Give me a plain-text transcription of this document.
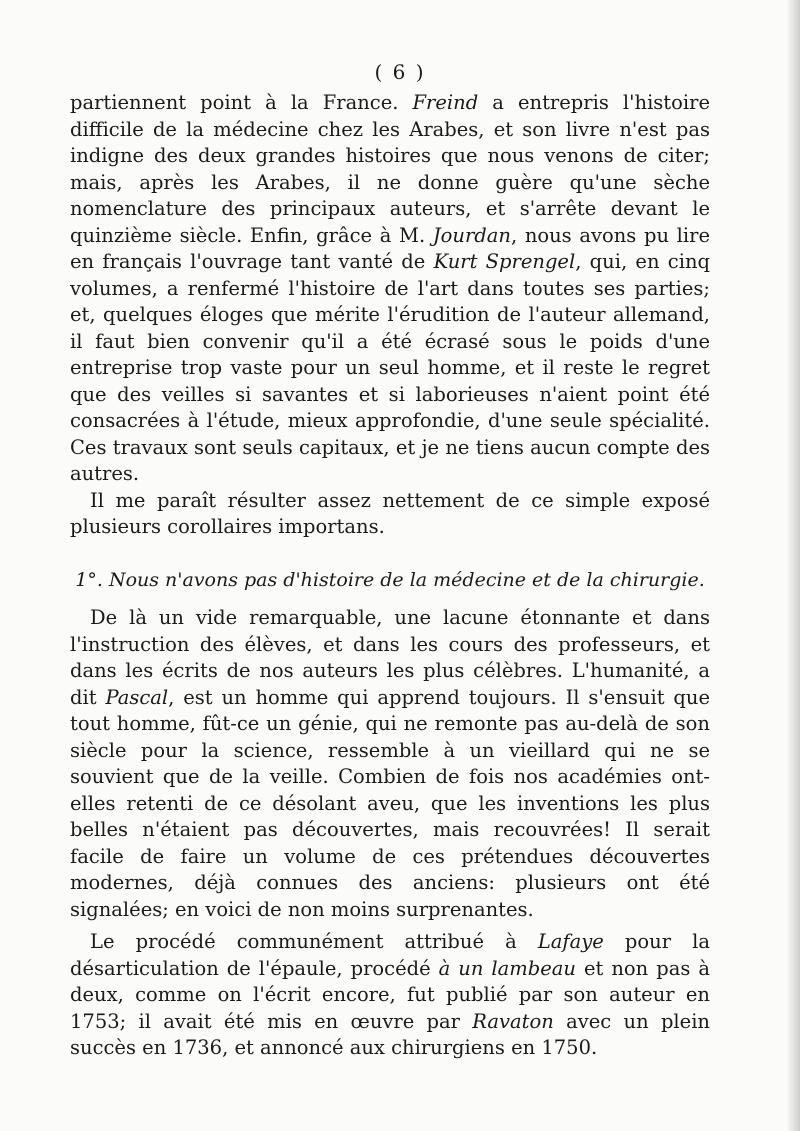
( 6 )

partiennent point à la France. Freind a entrepris l'histoire difficile de la médecine chez les Arabes, et son livre n'est pas indigne des deux grandes histoires que nous venons de citer; mais, après les Arabes, il ne donne guère qu'une sèche nomenclature des principaux auteurs, et s'arrête devant le quinzième siècle. Enfin, grâce à M. Jourdan, nous avons pu lire en français l'ouvrage tant vanté de Kurt Sprengel, qui, en cinq volumes, a renfermé l'histoire de l'art dans toutes ses parties; et, quelques éloges que mérite l'érudition de l'auteur allemand, il faut bien convenir qu'il a été écrasé sous le poids d'une entreprise trop vaste pour un seul homme, et il reste le regret que des veilles si savantes et si laborieuses n'aient point été consacrées à l'étude, mieux approfondie, d'une seule spécialité. Ces travaux sont seuls capitaux, et je ne tiens aucun compte des autres.

Il me paraît résulter assez nettement de ce simple exposé plusieurs corollaires importans.

1°. Nous n'avons pas d'histoire de la médecine et de la chirurgie.

De là un vide remarquable, une lacune étonnante et dans l'instruction des élèves, et dans les cours des professeurs, et dans les écrits de nos auteurs les plus célèbres. L'humanité, a dit Pascal, est un homme qui apprend toujours. Il s'ensuit que tout homme, fût-ce un génie, qui ne remonte pas au-delà de son siècle pour la science, ressemble à un vieillard qui ne se souvient que de la veille. Combien de fois nos académies ont-elles retenti de ce désolant aveu, que les inventions les plus belles n'étaient pas découvertes, mais recouvrées! Il serait facile de faire un volume de ces prétendues découvertes modernes, déjà connues des anciens: plusieurs ont été signalées; en voici de non moins surprenantes.

Le procédé communément attribué à Lafaye pour la désarticulation de l'épaule, procédé à un lambeau et non pas à deux, comme on l'écrit encore, fut publié par son auteur en 1753; il avait été mis en œuvre par Ravaton avec un plein succès en 1736, et annoncé aux chirurgiens en 1750.
